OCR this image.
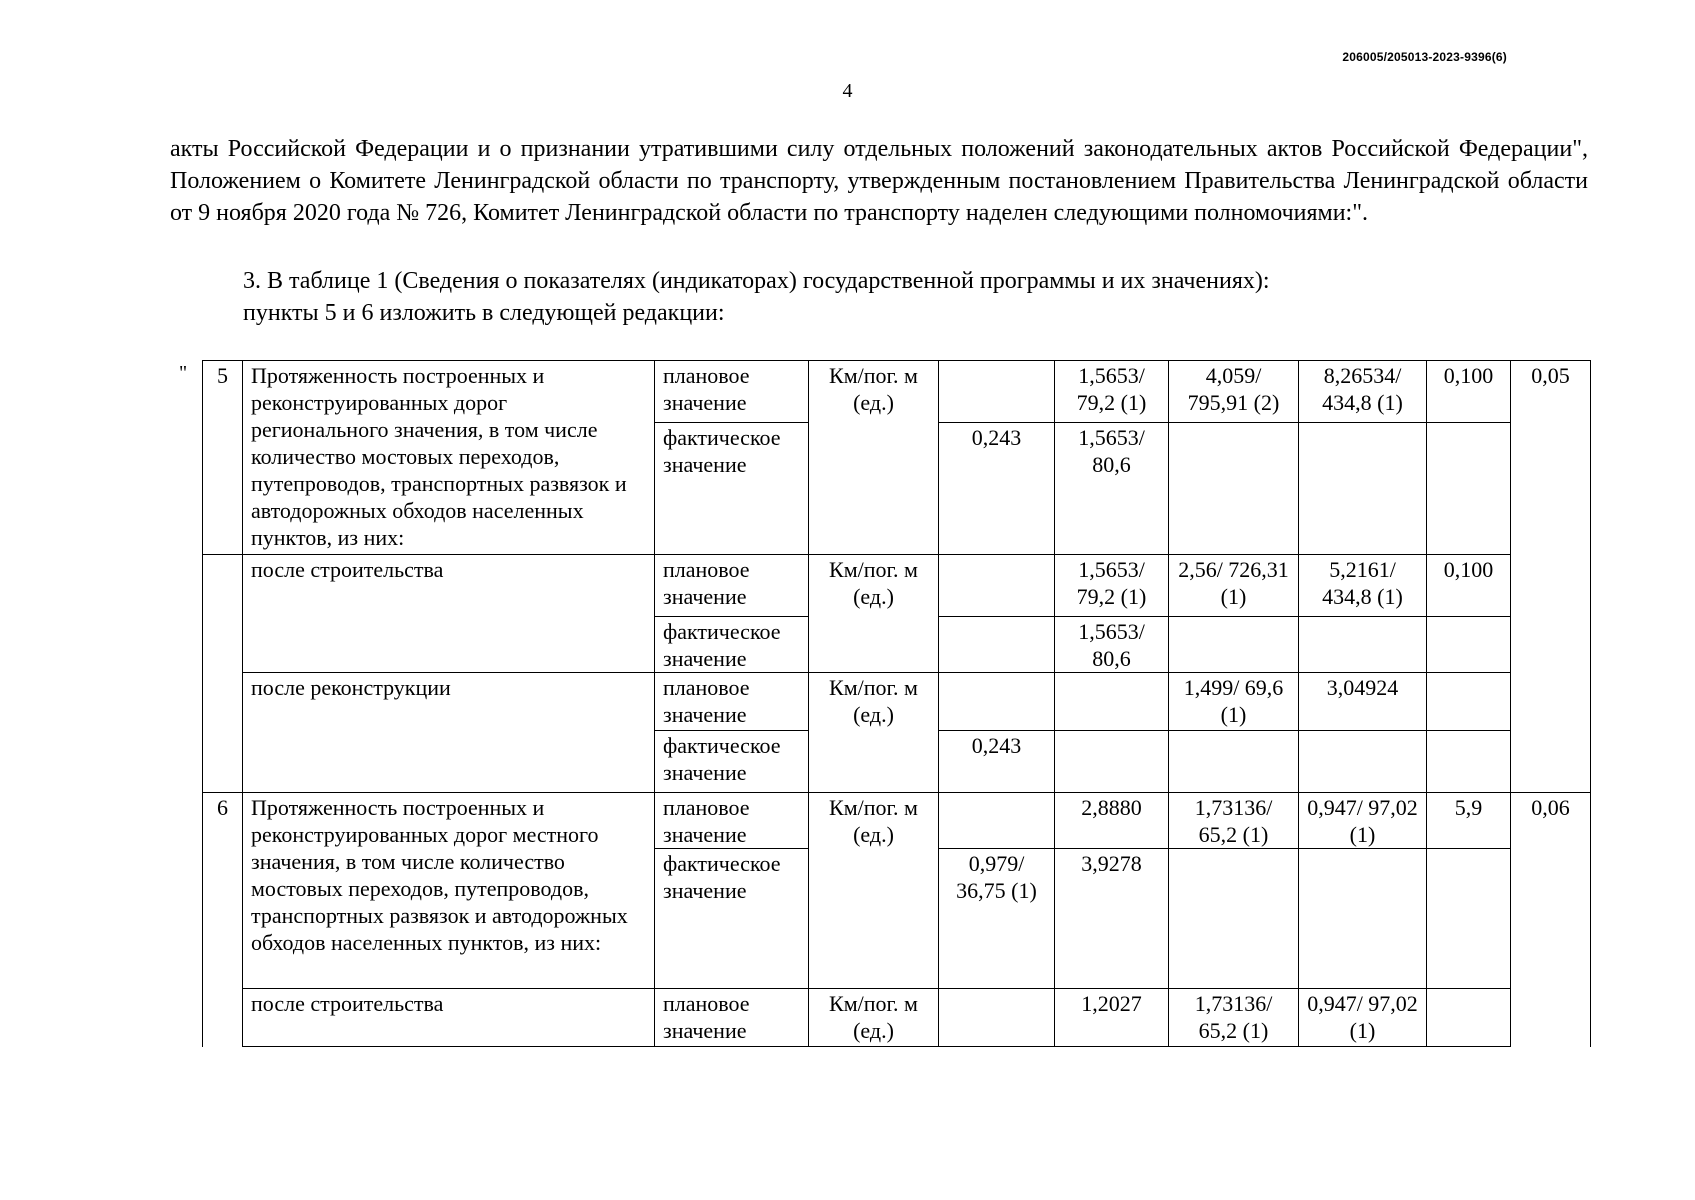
206005/205013-2023-9396(6)
4

акты Российской Федерации и о признании утратившими силу отдельных положений законодательных актов Российской Федерации", Положением о Комитете Ленинградской области по транспорту, утвержденным постановлением Правительства Ленинградской области от 9 ноября 2020 года № 726, Комитет Ленинградской области по транспорту наделен следующими полномочиями:".

3. В таблице 1 (Сведения о показателях (индикаторах) государственной программы и их значениях):
пункты 5 и 6 изложить в следующей редакции:
" 5	Протяженность построенных и реконструированных дорог регионального значения, в том числе количество мостовых переходов, путепроводов, транспортных развязок и автодорожных обходов населенных пунктов, из них:	плановое значение	Км/пог. м (ед.)		1,5653/ 79,2 (1)	4,059/ 795,91 (2)	8,26534/ 434,8 (1)	0,100	0,05
		фактическое значение		0,243	1,5653/ 80,6				
	после строительства	плановое значение	Км/пог. м (ед.)		1,5653/ 79,2 (1)	2,56/ 726,31 (1)	5,2161/ 434,8 (1)	0,100	
		фактическое значение			1,5653/ 80,6				
	после реконструкции	плановое значение	Км/пог. м (ед.)			1,499/ 69,6 (1)	3,04924		
		фактическое значение		0,243					
6	Протяженность построенных и реконструированных дорог местного значения, в том числе количество мостовых переходов, путепроводов, транспортных развязок и автодорожных обходов населенных пунктов, из них:	плановое значение	Км/пог. м (ед.)		2,8880	1,73136/ 65,2 (1)	0,947/ 97,02 (1)	5,9	0,06
		фактическое значение		0,979/ 36,75 (1)	3,9278				
	после строительства	плановое значение	Км/пог. м (ед.)		1,2027	1,73136/ 65,2 (1)	0,947/ 97,02 (1)		
